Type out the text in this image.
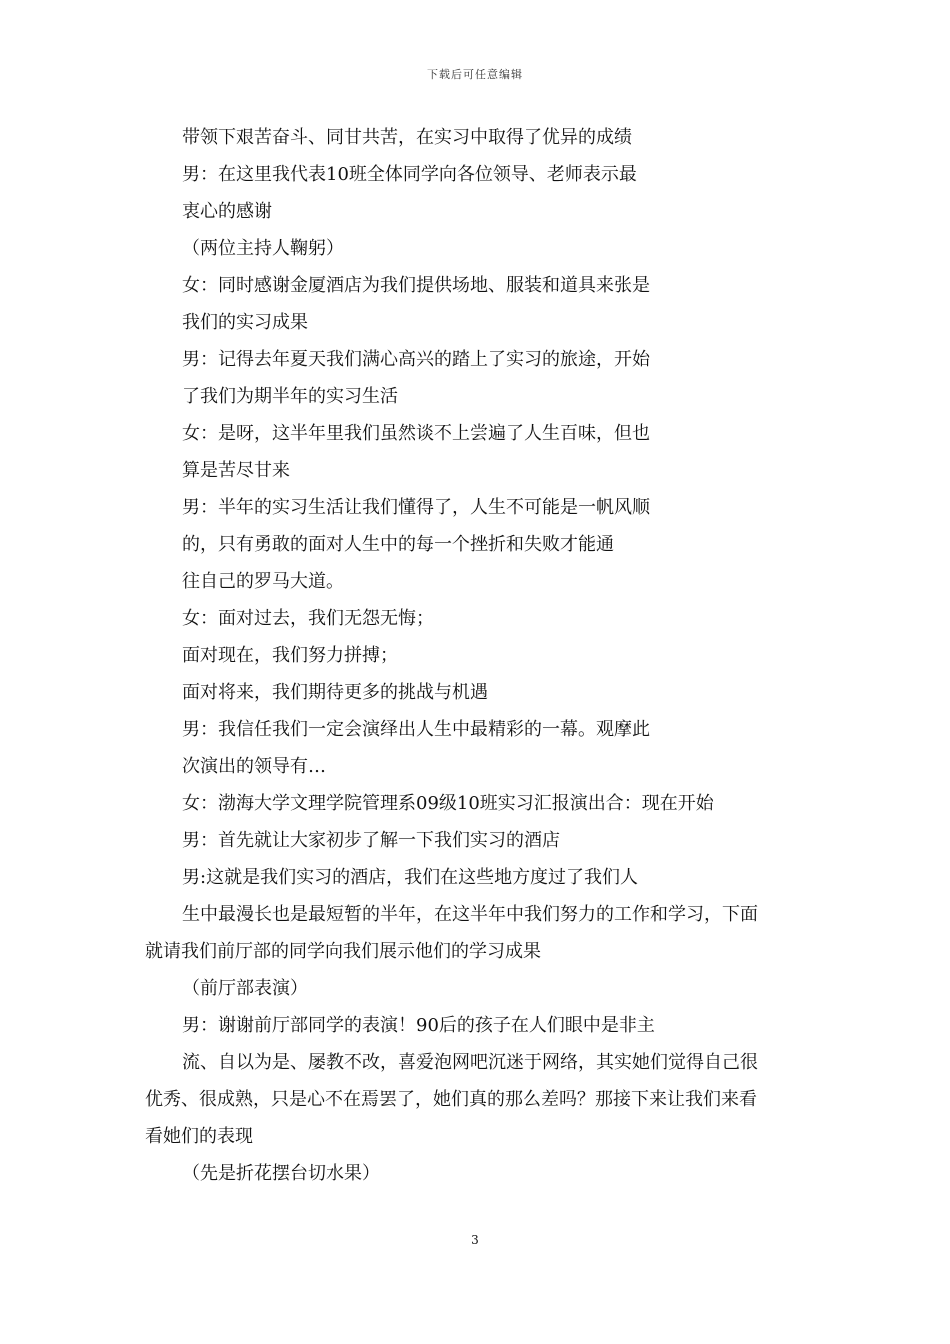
下载后可任意编辑
带领下艰苦奋斗、同甘共苦，在实习中取得了优异的成绩
男：在这里我代表10班全体同学向各位领导、老师表示最
衷心的感谢
（两位主持人鞠躬）
女：同时感谢金厦酒店为我们提供场地、服装和道具来张是
我们的实习成果
男：记得去年夏天我们满心高兴的踏上了实习的旅途，开始
了我们为期半年的实习生活
女：是呀，这半年里我们虽然谈不上尝遍了人生百味，但也
算是苦尽甘来
男：半年的实习生活让我们懂得了，人生不可能是一帆风顺
的，只有勇敢的面对人生中的每一个挫折和失败才能通
往自己的罗马大道。
女：面对过去，我们无怨无悔；
面对现在，我们努力拼搏；
面对将来，我们期待更多的挑战与机遇
男：我信任我们一定会演绎出人生中最精彩的一幕。观摩此
次演出的领导有…
女：渤海大学文理学院管理系09级10班实习汇报演出合：现在开始
男：首先就让大家初步了解一下我们实习的酒店
男:这就是我们实习的酒店，我们在这些地方度过了我们人
生中最漫长也是最短暂的半年，在这半年中我们努力的工作和学习，下面
就请我们前厅部的同学向我们展示他们的学习成果
（前厅部表演）
男：谢谢前厅部同学的表演！90后的孩子在人们眼中是非主
流、自以为是、屡教不改，喜爱泡网吧沉迷于网络，其实她们觉得自己很
优秀、很成熟，只是心不在焉罢了，她们真的那么差吗？那接下来让我们来看
看她们的表现
（先是折花摆台切水果）
3
